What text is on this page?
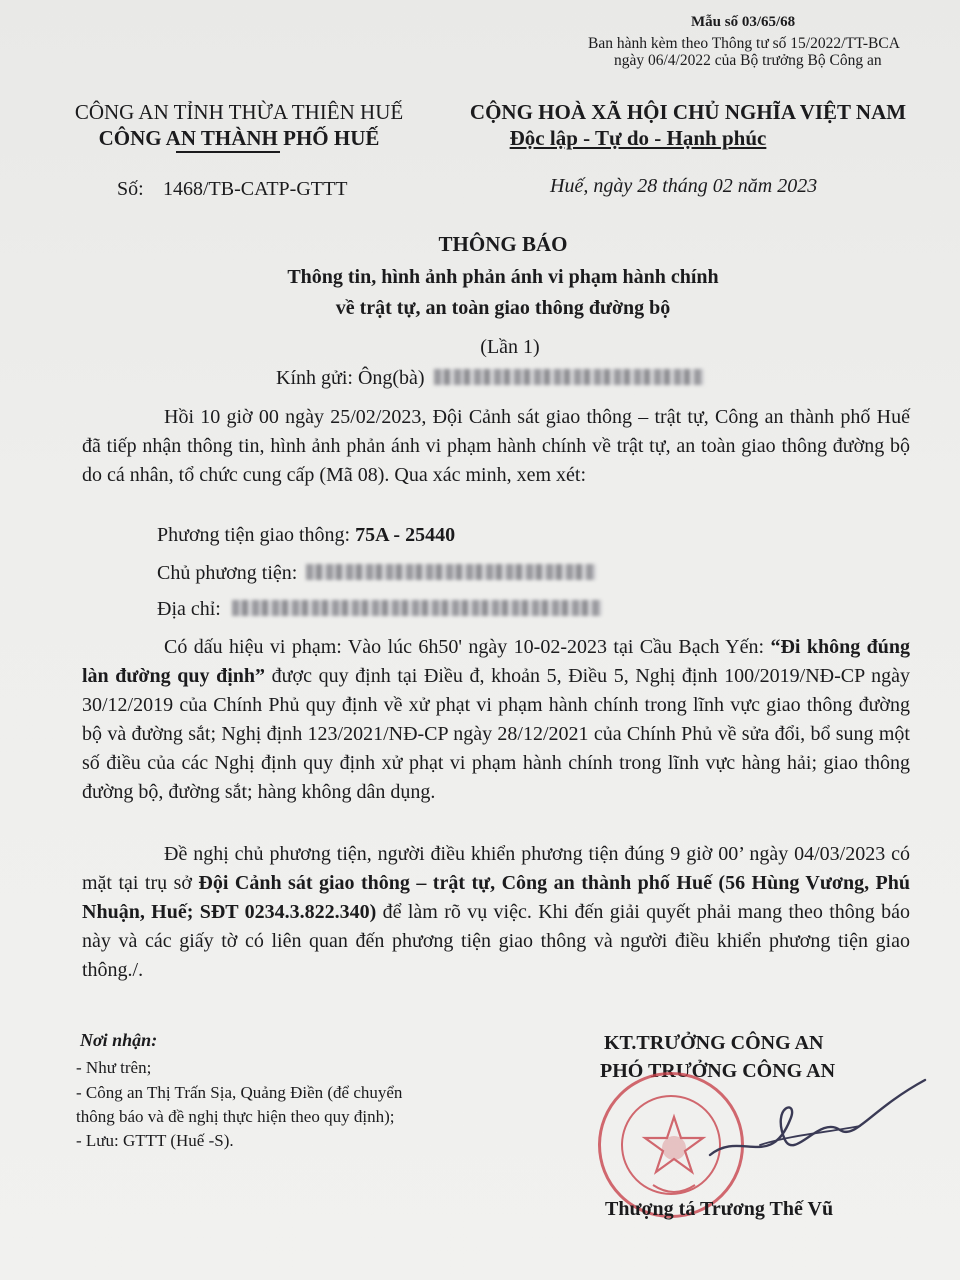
Mẫu số 03/65/68
Ban hành kèm theo Thông tư số 15/2022/TT-BCA
ngày 06/4/2022 của Bộ trưởng Bộ Công an
CÔNG AN TỈNH THỪA THIÊN HUẾ
CÔNG AN THÀNH PHỐ HUẾ
CỘNG HOÀ XÃ HỘI CHỦ NGHĨA VIỆT NAM
Độc lập - Tự do - Hạnh phúc
Số: 1468/TB-CATP-GTTT	Huế, ngày 28 tháng 02 năm 2023
THÔNG BÁO
Thông tin, hình ảnh phản ánh vi phạm hành chính
về trật tự, an toàn giao thông đường bộ
(Lần 1)
Kính gửi: Ông(bà)

Hồi 10 giờ 00 ngày 25/02/2023, Đội Cảnh sát giao thông – trật tự, Công an thành phố Huế đã tiếp nhận thông tin, hình ảnh phản ánh vi phạm hành chính về trật tự, an toàn giao thông đường bộ do cá nhân, tổ chức cung cấp (Mã 08). Qua xác minh, xem xét:

Phương tiện giao thông: 75A - 25440
Chủ phương tiện:
Địa chỉ:

Có dấu hiệu vi phạm: Vào lúc 6h50' ngày 10-02-2023 tại Cầu Bạch Yến: “Đi không đúng làn đường quy định” được quy định tại Điều đ, khoản 5, Điều 5, Nghị định 100/2019/NĐ-CP ngày 30/12/2019 của Chính Phủ quy định về xử phạt vi phạm hành chính trong lĩnh vực giao thông đường bộ và đường sắt; Nghị định 123/2021/NĐ-CP ngày 28/12/2021 của Chính Phủ về sửa đổi, bổ sung một số điều của các Nghị định quy định xử phạt vi phạm hành chính trong lĩnh vực hàng hải; giao thông đường bộ, đường sắt; hàng không dân dụng.

Đề nghị chủ phương tiện, người điều khiển phương tiện đúng 9 giờ 00’ ngày 04/03/2023 có mặt tại trụ sở Đội Cảnh sát giao thông – trật tự, Công an thành phố Huế (56 Hùng Vương, Phú Nhuận, Huế; SĐT 0234.3.822.340) để làm rõ vụ việc. Khi đến giải quyết phải mang theo thông báo này và các giấy tờ có liên quan đến phương tiện giao thông và người điều khiển phương tiện giao thông./.

Nơi nhận:
- Như trên;
- Công an Thị Trấn Sịa, Quảng Điền (để chuyển
thông báo và đề nghị thực hiện theo quy định);
- Lưu: GTTT (Huế -S).
KT.TRƯỞNG CÔNG AN
PHÓ TRƯỞNG CÔNG AN
Thượng tá Trương Thế Vũ
